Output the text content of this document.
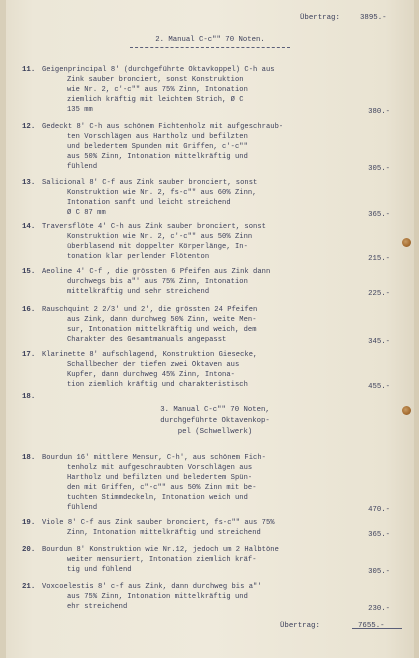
Übertrag:	3895.-
2. Manual C-c"" 70 Noten.
11. Geigenprincipal 8' (durchgeführte Oktavkoppel) C-h aus
Zink sauber bronciert, sonst Konstruktion
wie Nr. 2, c'-c"" aus 75% Zinn, Intonation
ziemlich kräftig mit leichtem Strich, Ø C
135 mm	380.-
12. Gedeckt 8' C-h aus schönem Fichtenholz mit aufgeschraub-
ten Vorschlägen aus Hartholz und befilzten
und beledertem Spunden mit Griffen, c'-c""
aus 50% Zinn, Intonation mittelkräftig und
fühlend	305.-
13. Salicional 8' C-f aus Zink sauber bronciert, sonst
Konstruktion wie Nr. 2, fs-c"" aus 60% Zinn,
Intonation sanft und leicht streichend
Ø C 87 mm	365.-
14. Traversflöte 4' C-h aus Zink sauber bronciert, sonst
Konstruktion wie Nr. 2, c'-c"" aus 50% Zinn
überblasend mit doppelter Körperlänge, In-
tonation klar perlender Flötenton	215.-
15. Aeoline 4' C-f , die grössten 6 Pfeifen aus Zink dann
durchwegs bis a"' aus 75% Zinn, Intonation
mittelkräftig und sehr streichend	225.-
16. Rauschquint 2 2/3' und 2', die grössten 24 Pfeifen
aus Zink, dann durchweg 50% Zinn, weite Men-
sur, Intonation mittelkräftig und weich, dem
Charakter des Gesamtmanuals angepasst	345.-
17. Klarinette 8' aufschlagend, Konstruktion Giesecke,
Schallbecher der tiefen zwei Oktaven aus
Kupfer, dann durchweg 45% Zinn, Intona-
tion ziemlich kräftig und charakteristisch	455.-
18.
3. Manual C-c"" 70 Noten,
durchgeführte Oktavenkop-
pel (Schwellwerk)
18. Bourdun 16' mittlere Mensur, C-h', aus schönem Fich-
tenholz mit aufgeschraubten Vorschlägen aus
Hartholz und befilzten und beledertem Spün-
den mit Griffen, c"-c"" aus 50% Zinn mit be-
tuchten Stimmdeckeln, Intonation weich und
fühlend	470.-
19. Viole 8' C-f aus Zink sauber bronciert, fs-c"" aus 75%
Zinn, Intonation mittelkräftig und streichend	365.-
20. Bourdun 8' Konstruktion wie Nr.12, jedoch um 2 Halbtöne
weiter mensuriert, Intonation ziemlich kräf-
tig und fühlend	305.-
21. Voxcoelestis 8' c-f aus Zink, dann durchweg bis a"'
aus 75% Zinn, Intonation mittelkräftig und
ehr streichend	230.-
Übertrag:	7655.-
